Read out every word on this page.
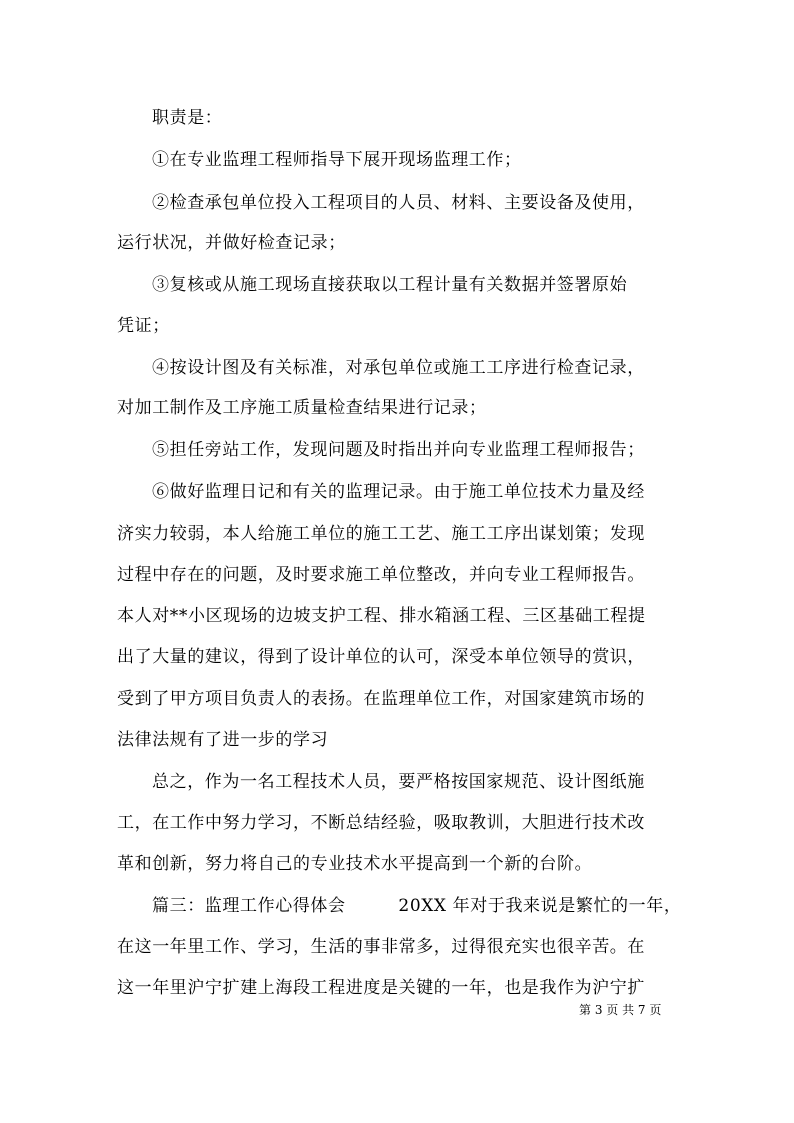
职责是：
①在专业监理工程师指导下展开现场监理工作；
②检查承包单位投入工程项目的人员、材料、主要设备及使用，
运行状况，并做好检查记录；
③复核或从施工现场直接获取以工程计量有关数据并签署原始
凭证；
④按设计图及有关标准，对承包单位或施工工序进行检查记录，
对加工制作及工序施工质量检查结果进行记录；
⑤担任旁站工作，发现问题及时指出并向专业监理工程师报告；
⑥做好监理日记和有关的监理记录。由于施工单位技术力量及经
济实力较弱，本人给施工单位的施工工艺、施工工序出谋划策；发现
过程中存在的问题，及时要求施工单位整改，并向专业工程师报告。
本人对**小区现场的边坡支护工程、排水箱涵工程、三区基础工程提
出了大量的建议，得到了设计单位的认可，深受本单位领导的赏识，
受到了甲方项目负责人的表扬。在监理单位工作，对国家建筑市场的
法律法规有了进一步的学习
总之，作为一名工程技术人员，要严格按国家规范、设计图纸施
工，在工作中努力学习，不断总结经验，吸取教训，大胆进行技术改
革和创新，努力将自己的专业技术水平提高到一个新的台阶。
篇三：监理工作心得体会　　　20XX 年对于我来说是繁忙的一年，
在这一年里工作、学习，生活的事非常多，过得很充实也很辛苦。在
这一年里沪宁扩建上海段工程进度是关键的一年，也是我作为沪宁扩
第 3 页 共 7 页
